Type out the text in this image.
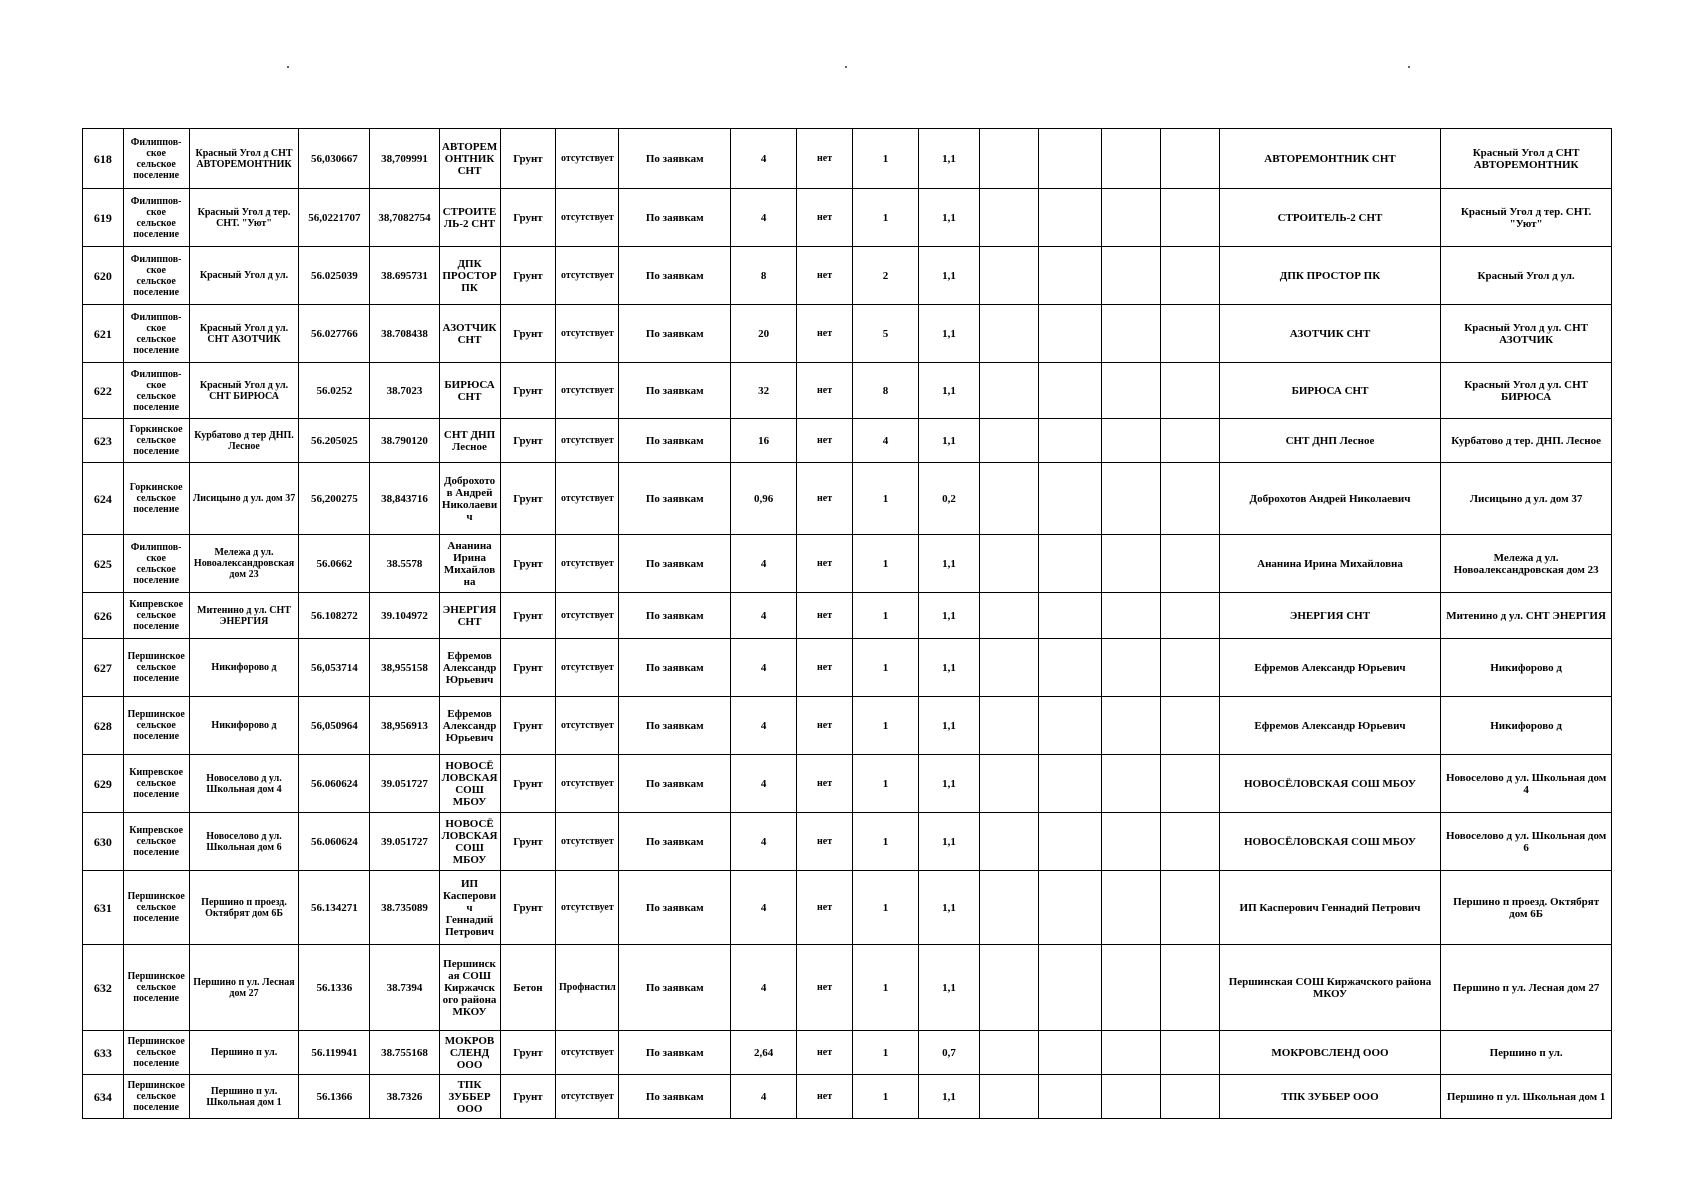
618	Филипповское сельское поселение	Красный Угол д СНТ АВТОРЕМОНТНИК	56,030667	38,709991	АВТОРЕМОНТНИК СНТ	Грунт	отсутствует	По заявкам	4	нет	1	1,1					АВТОРЕМОНТНИК СНТ	Красный Угол д СНТ АВТОРЕМОНТНИК
619	Филипповское сельское поселение	Красный Угол д тер. СНТ. "Уют"	56,0221707	38,7082754	СТРОИТЕЛЬ-2 СНТ	Грунт	отсутствует	По заявкам	4	нет	1	1,1					СТРОИТЕЛЬ-2 СНТ	Красный Угол д тер. СНТ. "Уют"
620	Филипповское сельское поселение	Красный Угол д ул.	56.025039	38.695731	ДПК ПРОСТОР ПК	Грунт	отсутствует	По заявкам	8	нет	2	1,1					ДПК ПРОСТОР ПК	Красный Угол д ул.
621	Филипповское сельское поселение	Красный Угол д ул. СНТ АЗОТЧИК	56.027766	38.708438	АЗОТЧИК СНТ	Грунт	отсутствует	По заявкам	20	нет	5	1,1					АЗОТЧИК СНТ	Красный Угол д ул. СНТ АЗОТЧИК
622	Филипповское сельское поселение	Красный Угол д ул. СНТ БИРЮСА	56.0252	38.7023	БИРЮСА СНТ	Грунт	отсутствует	По заявкам	32	нет	8	1,1					БИРЮСА СНТ	Красный Угол д ул. СНТ БИРЮСА
623	Горкинское сельское поселение	Курбатово д тер ДНП. Лесное	56.205025	38.790120	СНТ ДНП Лесное	Грунт	отсутствует	По заявкам	16	нет	4	1,1					СНТ ДНП Лесное	Курбатово д тер. ДНП. Лесное
624	Горкинское сельское поселение	Лисицыно д ул. дом 37	56,200275	38,843716	Доброхотов Андрей Николаевич	Грунт	отсутствует	По заявкам	0,96	нет	1	0,2					Доброхотов Андрей Николаевич	Лисицыно д ул. дом 37
625	Филипповское сельское поселение	Мележа д ул. Новоалександровская дом 23	56.0662	38.5578	Ананина Ирина Михайловна	Грунт	отсутствует	По заявкам	4	нет	1	1,1					Ананина Ирина Михайловна	Мележа д ул. Новоалександровская дом 23
626	Кипревское сельское поселение	Митенино д ул. СНТ ЭНЕРГИЯ	56.108272	39.104972	ЭНЕРГИЯ СНТ	Грунт	отсутствует	По заявкам	4	нет	1	1,1					ЭНЕРГИЯ СНТ	Митенино д ул. СНТ ЭНЕРГИЯ
627	Першинское сельское поселение	Никифорово д	56,053714	38,955158	Ефремов Александр Юрьевич	Грунт	отсутствует	По заявкам	4	нет	1	1,1					Ефремов Александр Юрьевич	Никифорово д
628	Першинское сельское поселение	Никифорово д	56,050964	38,956913	Ефремов Александр Юрьевич	Грунт	отсутствует	По заявкам	4	нет	1	1,1					Ефремов Александр Юрьевич	Никифорово д
629	Кипревское сельское поселение	Новоселово д ул. Школьная дом 4	56.060624	39.051727	НОВОСЁЛОВСКАЯ СОШ МБОУ	Грунт	отсутствует	По заявкам	4	нет	1	1,1					НОВОСЁЛОВСКАЯ СОШ МБОУ	Новоселово д ул. Школьная дом 4
630	Кипревское сельское поселение	Новоселово д ул. Школьная дом 6	56.060624	39.051727	НОВОСЁЛОВСКАЯ СОШ МБОУ	Грунт	отсутствует	По заявкам	4	нет	1	1,1					НОВОСЁЛОВСКАЯ СОШ МБОУ	Новоселово д ул. Школьная дом 6
631	Першинское сельское поселение	Першино п проезд. Октябрят дом 6Б	56.134271	38.735089	ИП Касперович Геннадий Петрович	Грунт	отсутствует	По заявкам	4	нет	1	1,1					ИП Касперович Геннадий Петрович	Першино п проезд. Октябрят дом 6Б
632	Першинское сельское поселение	Першино п ул. Лесная дом 27	56.1336	38.7394	Першинская СОШ Киржачского района МКОУ	Бетон	Профнастил	По заявкам	4	нет	1	1,1					Першинская СОШ Киржачского района МКОУ	Першино п ул. Лесная дом 27
633	Першинское сельское поселение	Першино п ул.	56.119941	38.755168	МОКРОВСЛЕНД ООО	Грунт	отсутствует	По заявкам	2,64	нет	1	0,7					МОКРОВСЛЕНД ООО	Першино п ул.
634	Першинское сельское поселение	Першино п ул. Школьная дом 1	56.1366	38.7326	ТПК ЗУББЕР ООО	Грунт	отсутствует	По заявкам	4	нет	1	1,1					ТПК ЗУББЕР ООО	Першино п ул. Школьная дом 1
